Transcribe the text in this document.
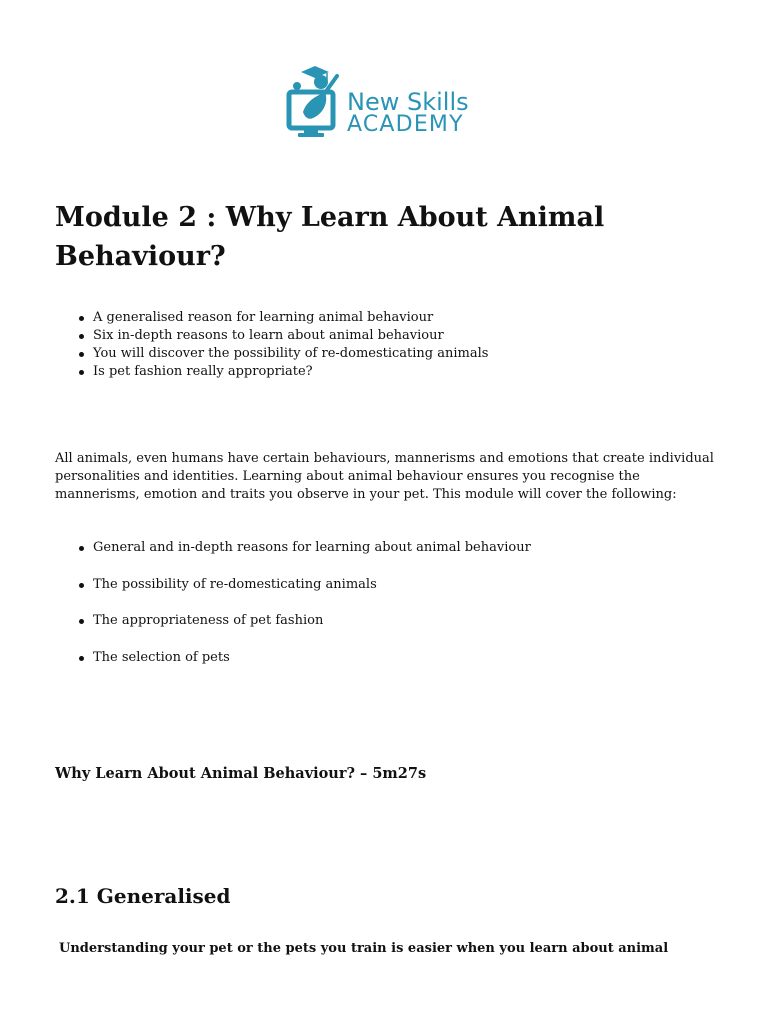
New Skills
ACADEMY
Module 2 : Why Learn About Animal Behaviour?
A generalised reason for learning animal behaviour
Six in-depth reasons to learn about animal behaviour
You will discover the possibility of re-domesticating animals
Is pet fashion really appropriate?

All animals, even humans have certain behaviours, mannerisms and emotions that create individual personalities and identities. Learning about animal behaviour ensures you recognise the mannerisms, emotion and traits you observe in your pet. This module will cover the following:

General and in-depth reasons for learning about animal behaviour
The possibility of re-domesticating animals
The appropriateness of pet fashion
The selection of pets
Why Learn About Animal Behaviour? – 5m27s
2.1 Generalised

Understanding your pet or the pets you train is easier when you learn about animal
